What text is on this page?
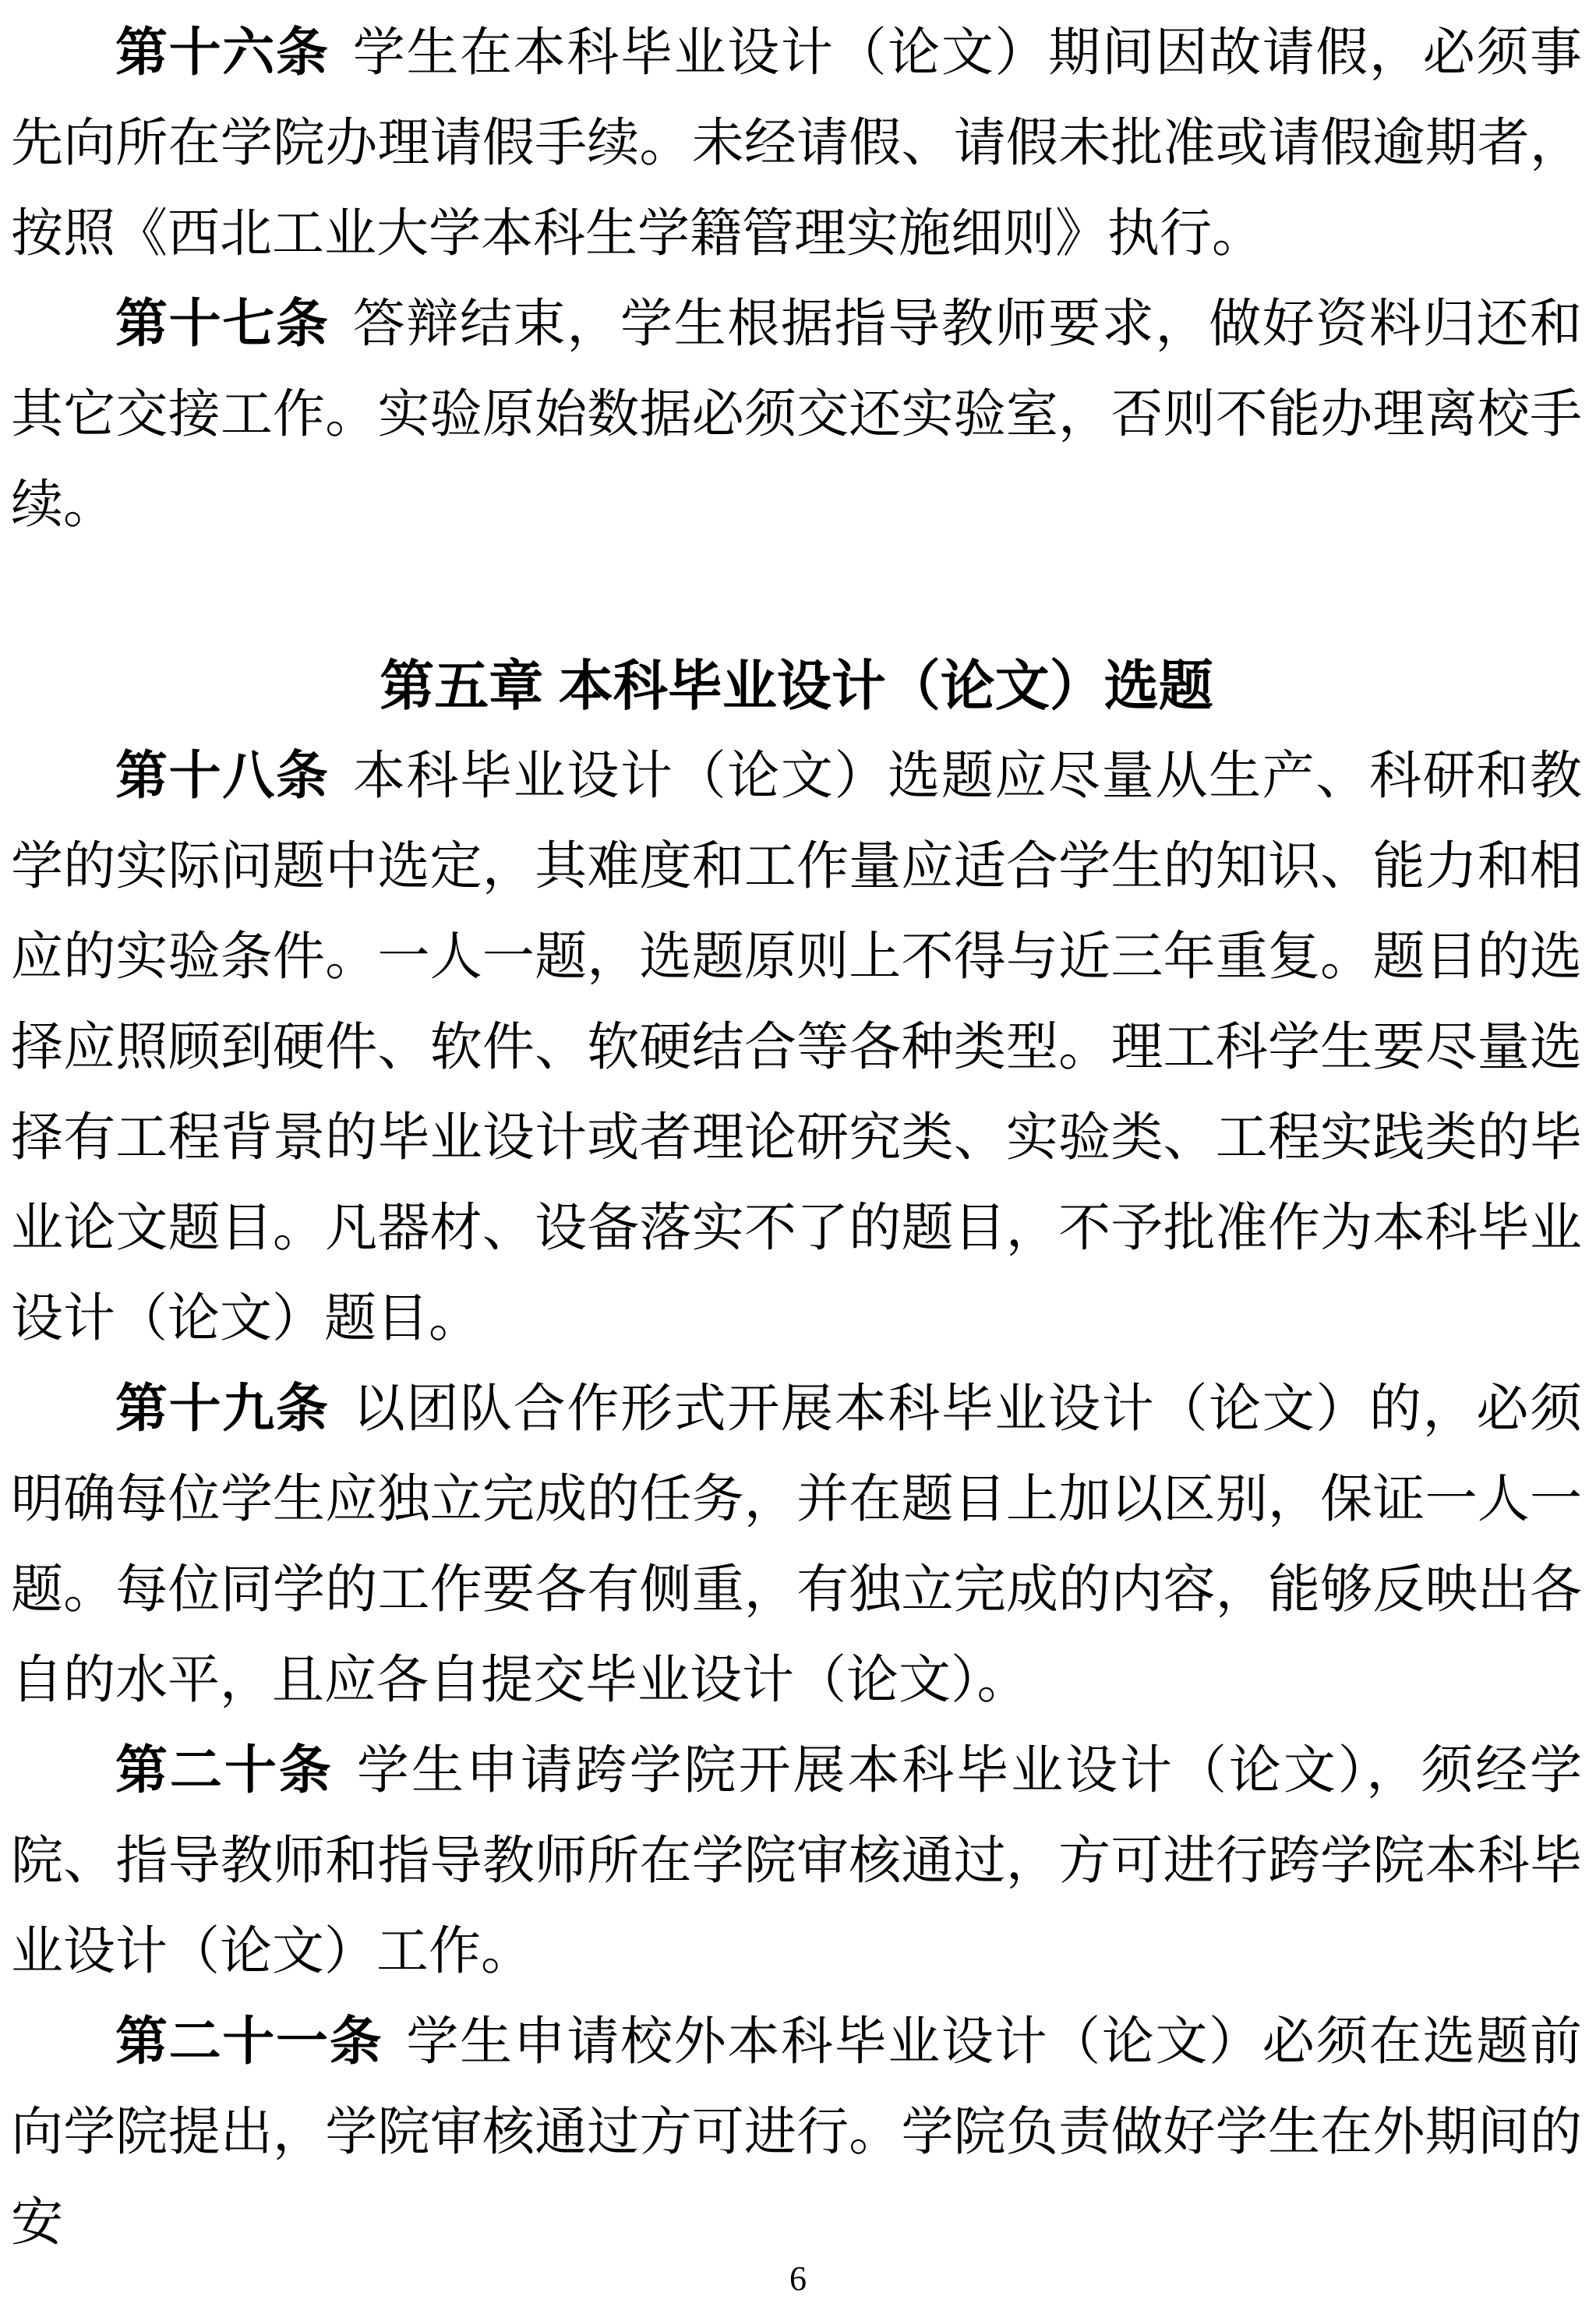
第十六条 学生在本科毕业设计（论文）期间因故请假，必须事先向所在学院办理请假手续。未经请假、请假未批准或请假逾期者，按照《西北工业大学本科生学籍管理实施细则》执行。

第十七条 答辩结束，学生根据指导教师要求，做好资料归还和其它交接工作。实验原始数据必须交还实验室，否则不能办理离校手续。

第五章 本科毕业设计（论文）选题

第十八条 本科毕业设计（论文）选题应尽量从生产、科研和教学的实际问题中选定，其难度和工作量应适合学生的知识、能力和相应的实验条件。一人一题，选题原则上不得与近三年重复。题目的选择应照顾到硬件、软件、软硬结合等各种类型。理工科学生要尽量选择有工程背景的毕业设计或者理论研究类、实验类、工程实践类的毕业论文题目。凡器材、设备落实不了的题目，不予批准作为本科毕业设计（论文）题目。

第十九条 以团队合作形式开展本科毕业设计（论文）的，必须明确每位学生应独立完成的任务，并在题目上加以区别，保证一人一题。每位同学的工作要各有侧重，有独立完成的内容，能够反映出各自的水平，且应各自提交毕业设计（论文）。

第二十条 学生申请跨学院开展本科毕业设计（论文），须经学院、指导教师和指导教师所在学院审核通过，方可进行跨学院本科毕业设计（论文）工作。

第二十一条 学生申请校外本科毕业设计（论文）必须在选题前向学院提出，学院审核通过方可进行。学院负责做好学生在外期间的安

6
